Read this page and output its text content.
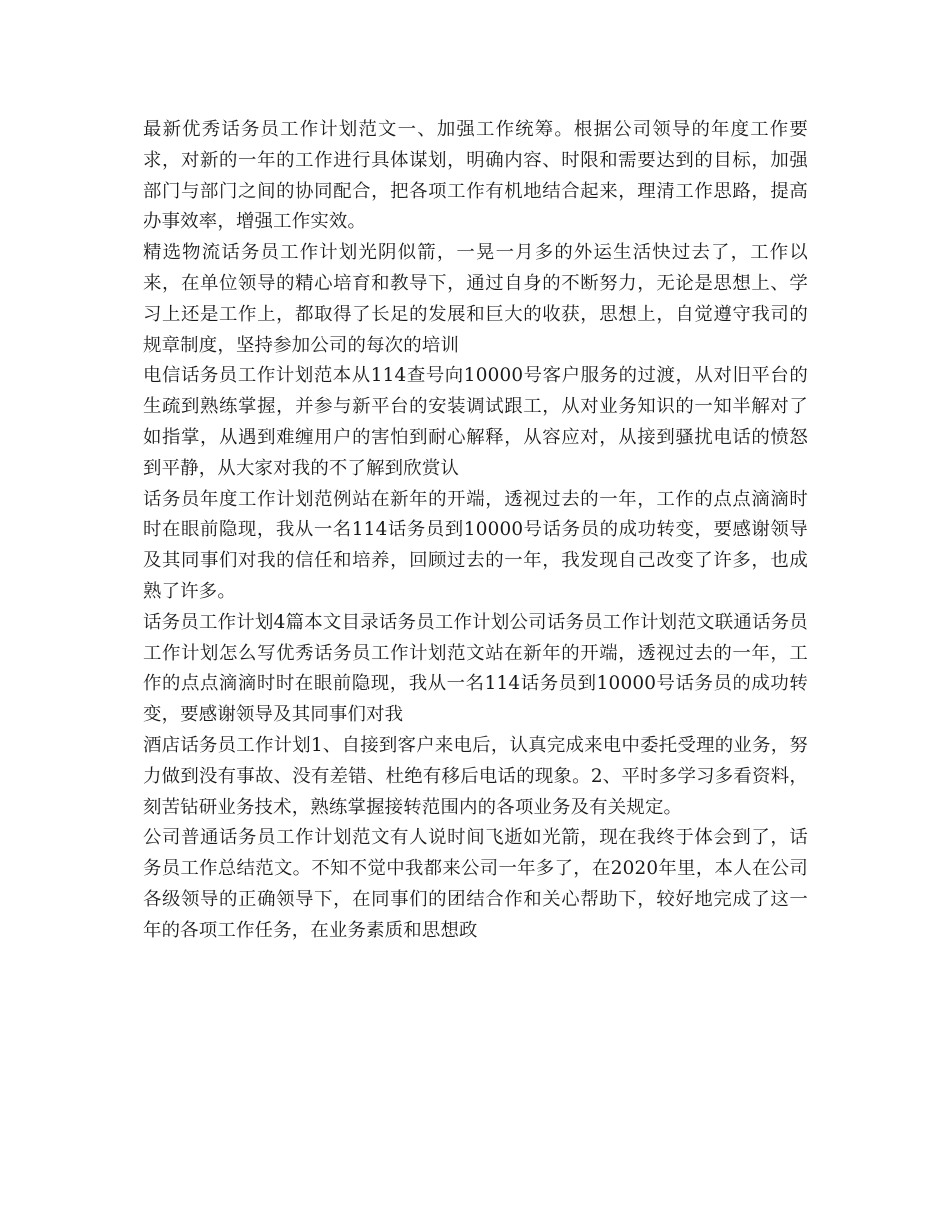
最新优秀话务员工作计划范文一、加强工作统筹。根据公司领导的年度工作要求，对新的一年的工作进行具体谋划，明确内容、时限和需要达到的目标，加强部门与部门之间的协同配合，把各项工作有机地结合起来，理清工作思路，提高办事效率，增强工作实效。

精选物流话务员工作计划光阴似箭，一晃一月多的外运生活快过去了，工作以来，在单位领导的精心培育和教导下，通过自身的不断努力，无论是思想上、学习上还是工作上，都取得了长足的发展和巨大的收获，思想上，自觉遵守我司的规章制度，坚持参加公司的每次的培训

电信话务员工作计划范本从114查号向10000号客户服务的过渡，从对旧平台的生疏到熟练掌握，并参与新平台的安装调试跟工，从对业务知识的一知半解对了如指掌，从遇到难缠用户的害怕到耐心解释，从容应对，从接到骚扰电话的愤怒到平静，从大家对我的不了解到欣赏认

话务员年度工作计划范例站在新年的开端，透视过去的一年，工作的点点滴滴时时在眼前隐现，我从一名114话务员到10000号话务员的成功转变，要感谢领导及其同事们对我的信任和培养，回顾过去的一年，我发现自己改变了许多，也成熟了许多。

话务员工作计划4篇本文目录话务员工作计划公司话务员工作计划范文联通话务员工作计划怎么写优秀话务员工作计划范文站在新年的开端，透视过去的一年，工作的点点滴滴时时在眼前隐现，我从一名114话务员到10000号话务员的成功转变，要感谢领导及其同事们对我

酒店话务员工作计划1、自接到客户来电后，认真完成来电中委托受理的业务，努力做到没有事故、没有差错、杜绝有移后电话的现象。2、平时多学习多看资料，刻苦钻研业务技术，熟练掌握接转范围内的各项业务及有关规定。

公司普通话务员工作计划范文有人说时间飞逝如光箭，现在我终于体会到了，话务员工作总结范文。不知不觉中我都来公司一年多了，在2020年里，本人在公司各级领导的正确领导下，在同事们的团结合作和关心帮助下，较好地完成了这一年的各项工作任务，在业务素质和思想政
